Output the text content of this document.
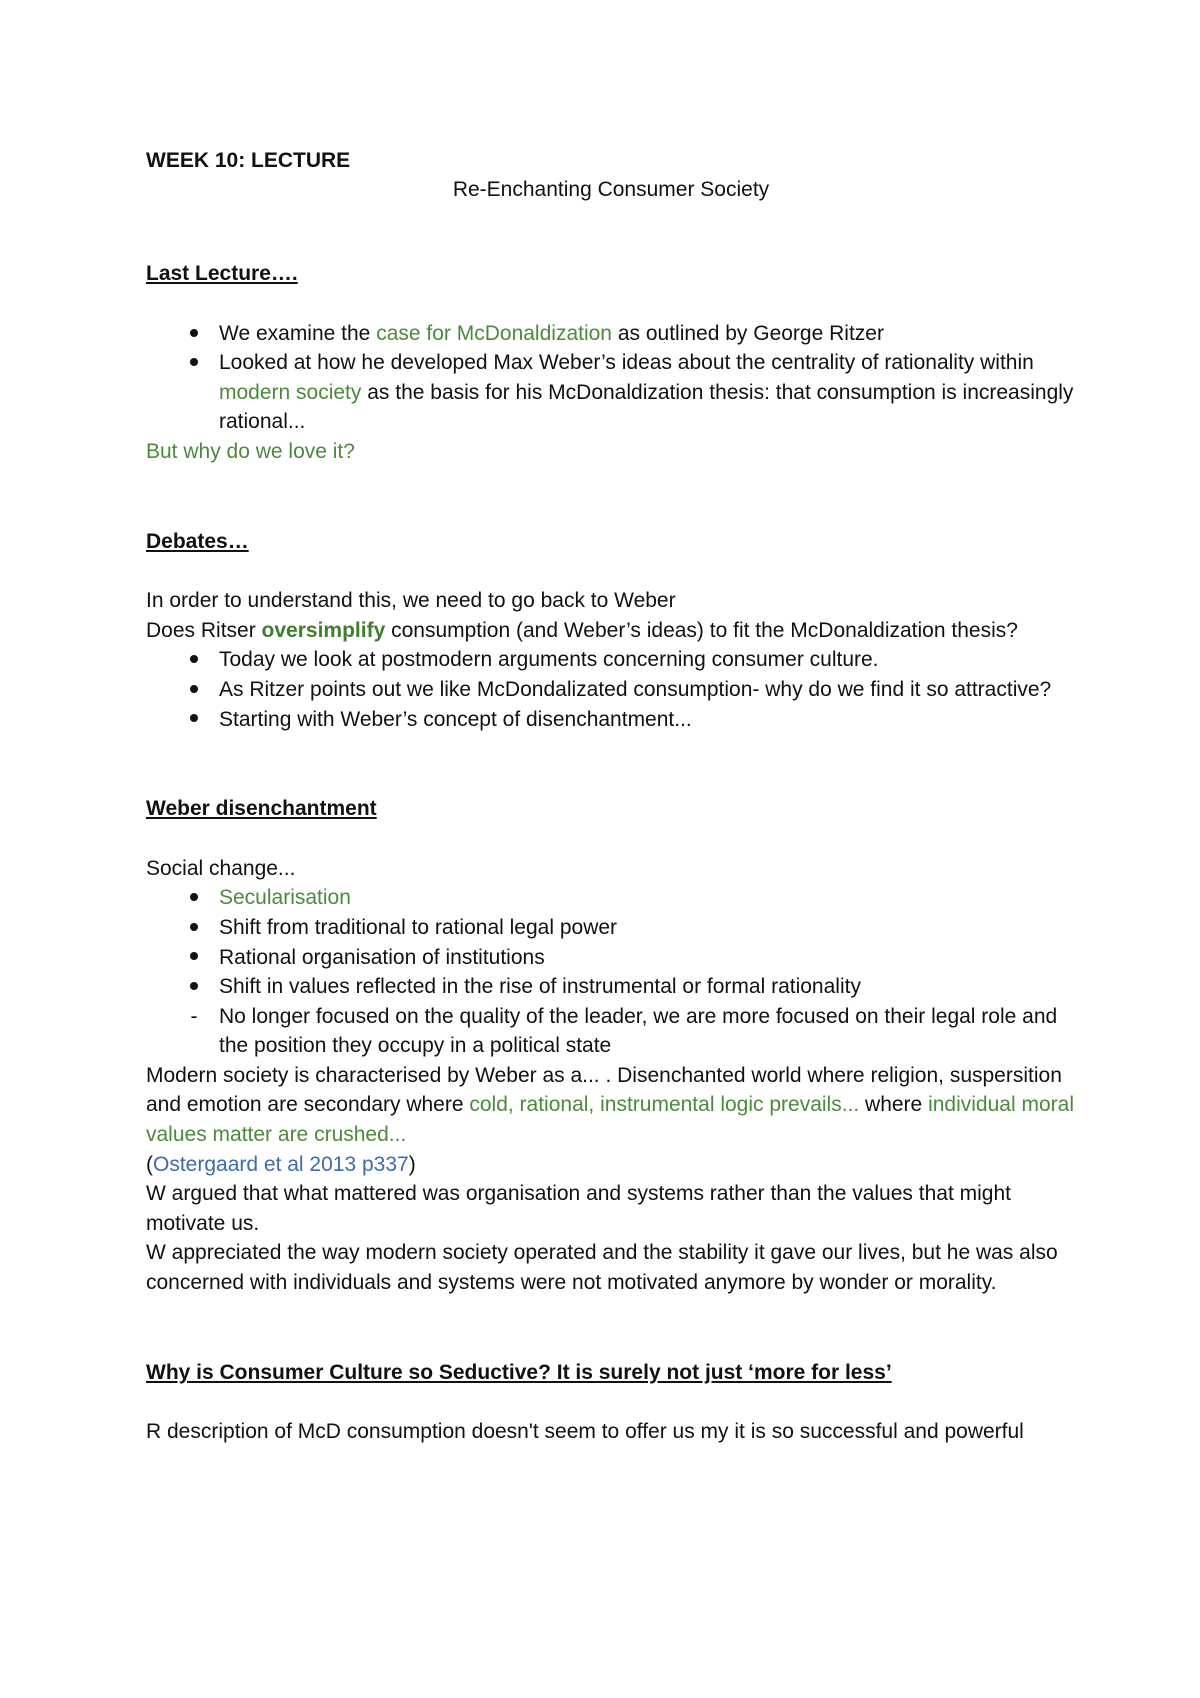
WEEK 10: LECTURE

Re-Enchanting Consumer Society

Last Lecture….

We examine the case for McDonaldization as outlined by George Ritzer
Looked at how he developed Max Weber’s ideas about the centrality of rationality within modern society as the basis for his McDonaldization thesis: that consumption is increasingly rational...

But why do we love it?

Debates…

In order to understand this, we need to go back to Weber

Does Ritser oversimplify consumption (and Weber’s ideas) to fit the McDonaldization thesis?

Today we look at postmodern arguments concerning consumer culture.
As Ritzer points out we like McDondalizated consumption- why do we find it so attractive?
Starting with Weber’s concept of disenchantment...

Weber disenchantment

Social change...

Secularisation
Shift from traditional to rational legal power
Rational organisation of institutions
Shift in values reflected in the rise of instrumental or formal rationality
-	No longer focused on the quality of the leader, we are more focused on their legal role and the position they occupy in a political state

Modern society is characterised by Weber as a... . Disenchanted world where religion, suspersition and emotion are secondary where cold, rational, instrumental logic prevails... where individual moral values matter are crushed...

(Ostergaard et al 2013 p337)

W argued that what mattered was organisation and systems rather than the values that might motivate us.

W appreciated the way modern society operated and the stability it gave our lives, but he was also concerned with individuals and systems were not motivated anymore by wonder or morality.

Why is Consumer Culture so Seductive? It is surely not just ‘more for less’

R description of McD consumption doesn't seem to offer us my it is so successful and powerful
